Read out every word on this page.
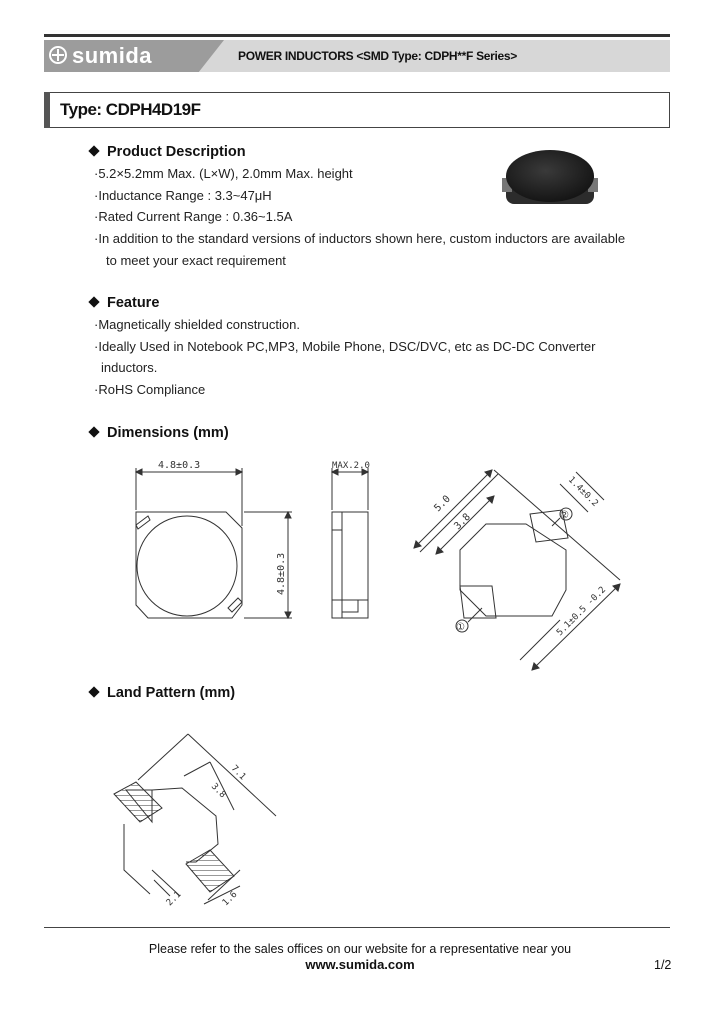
sumida	POWER INDUCTORS <SMD Type: CDPH**F Series>
Type: CDPH4D19F
Product Description
·5.2×5.2mm Max. (L×W), 2.0mm Max. height
·Inductance Range : 3.3~47μH
·Rated Current Range : 0.36~1.5A
·In addition to the standard versions of inductors shown here, custom inductors are available
to meet your exact requirement
Feature
·Magnetically shielded construction.
·Ideally Used in Notebook PC,MP3, Mobile Phone, DSC/DVC, etc as DC-DC Converter
inductors.
·RoHS Compliance
Dimensions (mm)
4.8±0.3
4.8±0.3
MAX.2.0
5.0
3.8
5.1±0.5 -0.2
1.4±0.2
①
②
Land Pattern (mm)
7.1
3.8
2.1	1.6
Please refer to the sales offices on our website for a representative near you
www.sumida.com	1/2
